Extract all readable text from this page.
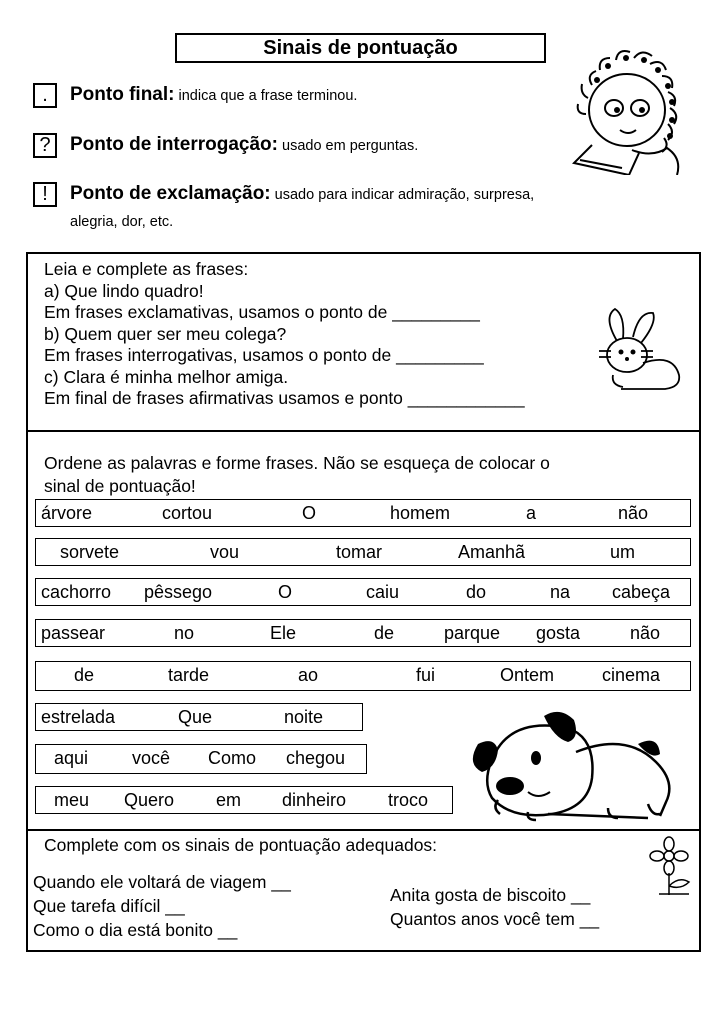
Sinais de pontuação
. Ponto final: indica que a frase terminou.
? Ponto de interrogação: usado em perguntas.
! Ponto de exclamação: usado para indicar admiração, surpresa,
alegria, dor, etc.
Leia e complete as frases:
a) Que lindo quadro!
Em frases exclamativas, usamos o ponto de _________
b) Quem quer ser meu colega?
Em frases interrogativas, usamos o ponto de _________
c) Clara é minha melhor amiga.
Em final de frases afirmativas usamos e ponto ____________
Ordene as palavras e forme frases. Não se esqueça de colocar o
sinal de pontuação!
árvore	cortou	O	homem	a	não
sorvete	vou	tomar	Amanhã	um
cachorro pêssego	O	caiu	do	na cabeça
passear	no	Ele	de	parque gosta	não
de	tarde	ao	fui	Ontem	cinema
estrelada	Que	noite
aqui você Como chegou
meu Quero em dinheiro troco
Complete com os sinais de pontuação adequados:
Quando ele voltará de viagem __
Que tarefa difícil __
Como o dia está bonito __
Anita gosta de biscoito __
Quantos anos você tem __
